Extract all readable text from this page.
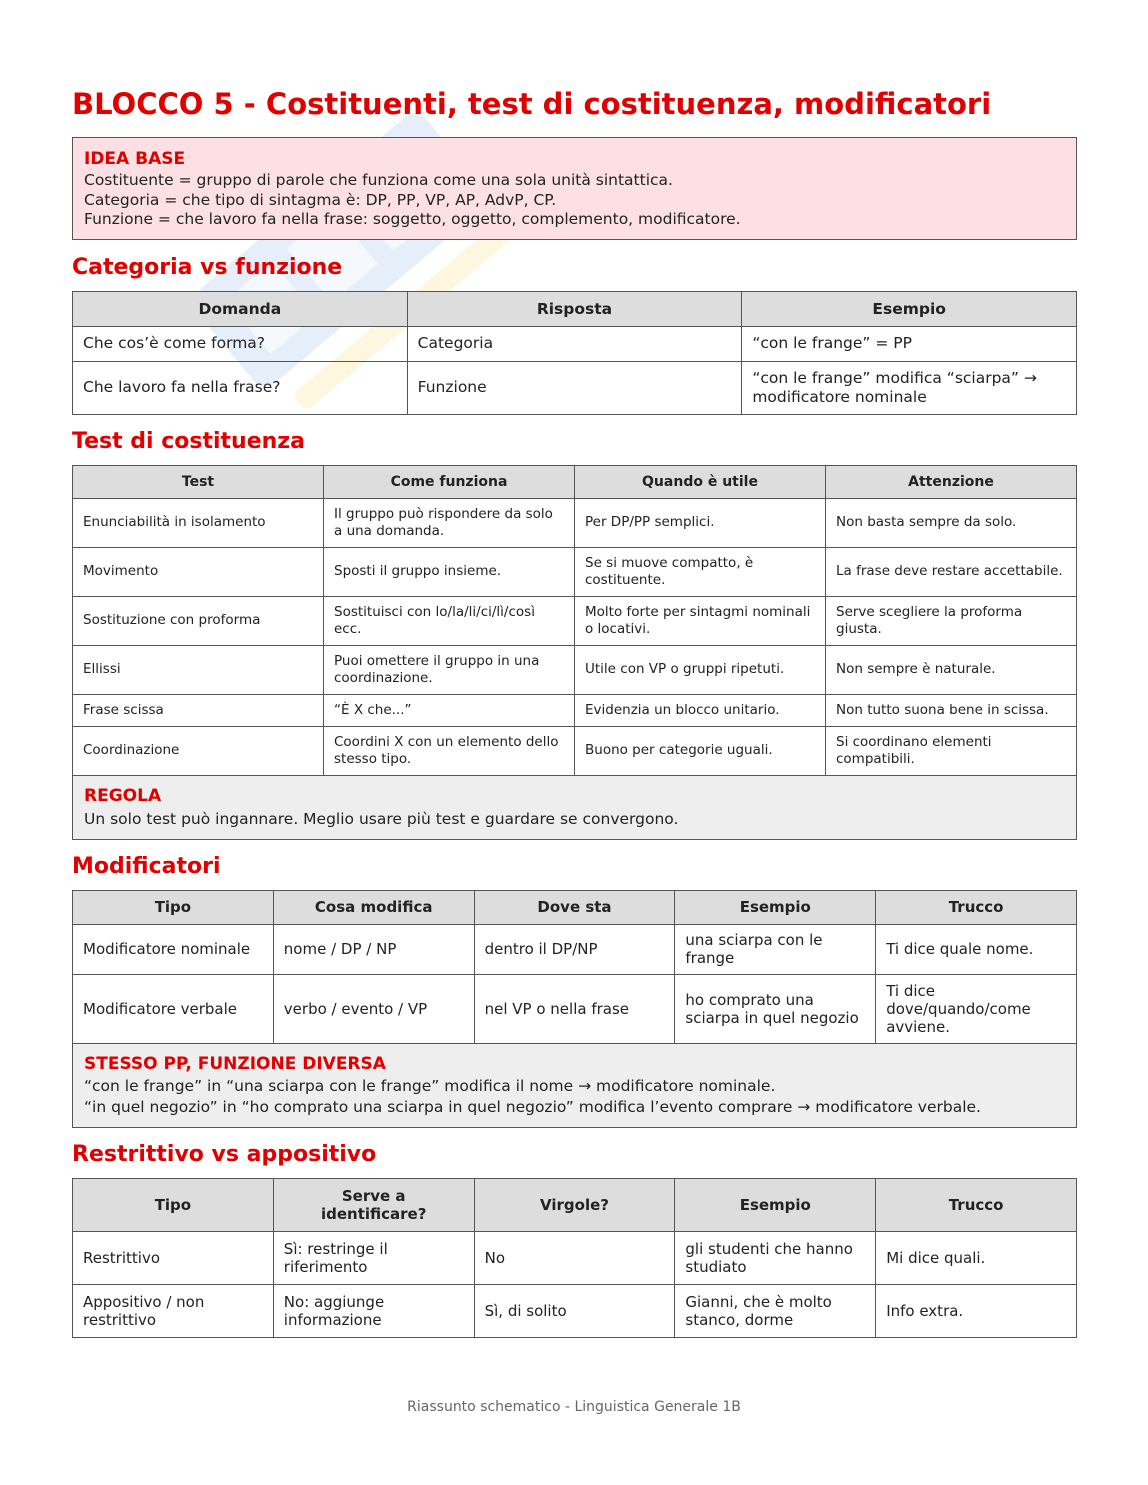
BLOCCO 5 - Costituenti, test di costituenza, modificatori
IDEA BASE
Costituente = gruppo di parole che funziona come una sola unità sintattica.
Categoria = che tipo di sintagma è: DP, PP, VP, AP, AdvP, CP.
Funzione = che lavoro fa nella frase: soggetto, oggetto, complemento, modificatore.
Categoria vs funzione
Domanda	Risposta	Esempio
Che cos’è come forma?	Categoria	“con le frange” = PP
Che lavoro fa nella frase?	Funzione	“con le frange” modifica “sciarpa” → modificatore nominale
Test di costituenza
Test	Come funziona	Quando è utile	Attenzione
Enunciabilità in isolamento	Il gruppo può rispondere da solo a una domanda.	Per DP/PP semplici.	Non basta sempre da solo.
Movimento	Sposti il gruppo insieme.	Se si muove compatto, è costituente.	La frase deve restare accettabile.
Sostituzione con proforma	Sostituisci con lo/la/li/ci/lì/così ecc.	Molto forte per sintagmi nominali o locativi.	Serve scegliere la proforma giusta.
Ellissi	Puoi omettere il gruppo in una coordinazione.	Utile con VP o gruppi ripetuti.	Non sempre è naturale.
Frase scissa	“È X che...”	Evidenzia un blocco unitario.	Non tutto suona bene in scissa.
Coordinazione	Coordini X con un elemento dello stesso tipo.	Buono per categorie uguali.	Si coordinano elementi compatibili.
REGOLA
Un solo test può ingannare. Meglio usare più test e guardare se convergono.
Modificatori
Tipo	Cosa modifica	Dove sta	Esempio	Trucco
Modificatore nominale	nome / DP / NP	dentro il DP/NP	una sciarpa con le frange	Ti dice quale nome.
Modificatore verbale	verbo / evento / VP	nel VP o nella frase	ho comprato una sciarpa in quel negozio	Ti dice dove/quando/come avviene.
STESSO PP, FUNZIONE DIVERSA
“con le frange” in “una sciarpa con le frange” modifica il nome → modificatore nominale.
“in quel negozio” in “ho comprato una sciarpa in quel negozio” modifica l’evento comprare → modificatore verbale.
Restrittivo vs appositivo
Tipo	Serve a identificare?	Virgole?	Esempio	Trucco
Restrittivo	Sì: restringe il riferimento	No	gli studenti che hanno studiato	Mi dice quali.
Appositivo / non restrittivo	No: aggiunge informazione	Sì, di solito	Gianni, che è molto stanco, dorme	Info extra.
Riassunto schematico - Linguistica Generale 1B
